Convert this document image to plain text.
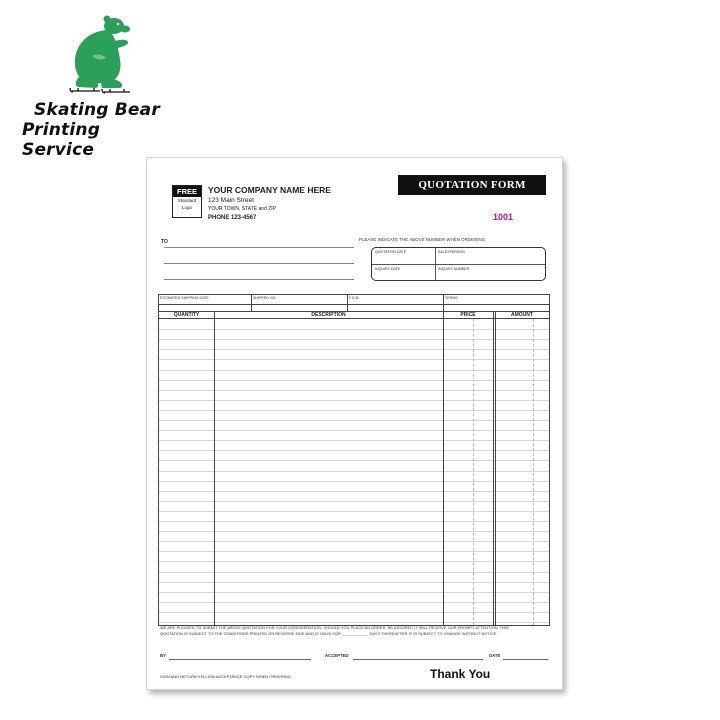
Skating Bear
Printing Service
FREE
Standard
Logo
YOUR COMPANY NAME HERE
123 Main Street
YOUR TOWN, STATE and ZIP
PHONE 123-4567
QUOTATION FORM
1001
PLEASE INDICATE THE ABOVE NUMBER WHEN ORDERING
QUOTATION DATE	SALESPERSON
INQUIRY DATE	INQUIRY NUMBER
TO
ESTIMATED SHIPPING DATE	SHIPPED VIA	F.O.B.	TERMS
QUANTITY	DESCRIPTION	PRICE	AMOUNT
WE ARE PLEASED TO SUBMIT THE ABOVE QUOTATION FOR YOUR CONSIDERATION. SHOULD YOU PLACE AN ORDER, BE ASSURED IT WILL RECEIVE OUR PROMPT ATTENTION. THIS
QUOTATION IS SUBJECT TO THE CONDITIONS PRINTED ON REVERSE SIDE AND IS VALID FOR ____________ DAYS THEREAFTER IT IS SUBJECT TO CHANGE WITHOUT NOTICE
BY	ACCEPTED	DATE
SIGN AND RETURN YELLOW ACCEPTANCE COPY WHEN ORDERING.	Thank You
